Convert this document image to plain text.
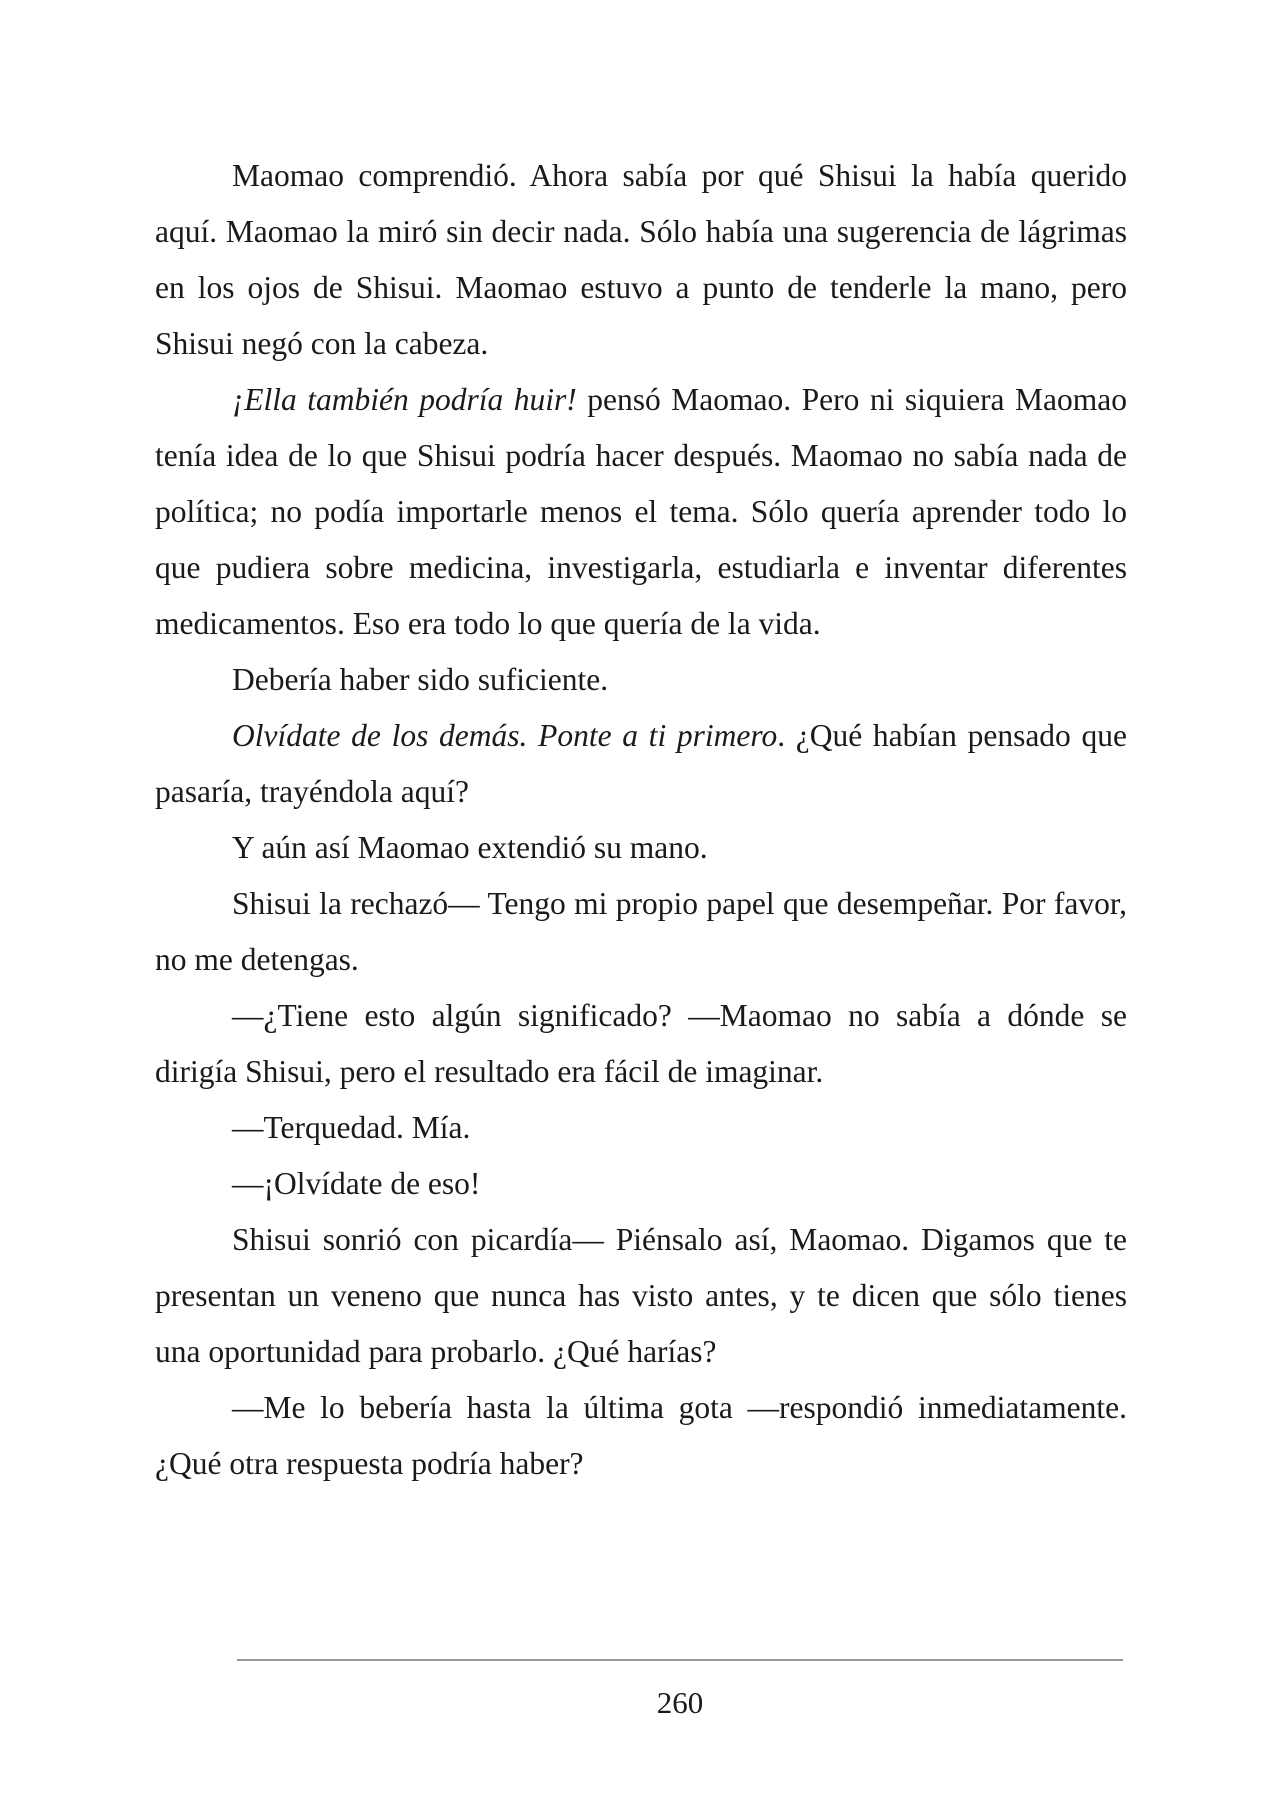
Maomao comprendió. Ahora sabía por qué Shisui la había querido aquí. Maomao la miró sin decir nada. Sólo había una sugerencia de lágrimas en los ojos de Shisui. Maomao estuvo a punto de tenderle la mano, pero Shisui negó con la cabeza.

¡Ella también podría huir! pensó Maomao. Pero ni siquiera Maomao tenía idea de lo que Shisui podría hacer después. Maomao no sabía nada de política; no podía importarle menos el tema. Sólo quería aprender todo lo que pudiera sobre medicina, investigarla, estudiarla e inventar diferentes medicamentos. Eso era todo lo que quería de la vida.

Debería haber sido suficiente.

Olvídate de los demás. Ponte a ti primero. ¿Qué habían pensado que pasaría, trayéndola aquí?

Y aún así Maomao extendió su mano.

Shisui la rechazó— Tengo mi propio papel que desempeñar. Por favor, no me detengas.

—¿Tiene esto algún significado? —Maomao no sabía a dónde se dirigía Shisui, pero el resultado era fácil de imaginar.

—Terquedad. Mía.

—¡Olvídate de eso!

Shisui sonrió con picardía— Piénsalo así, Maomao. Digamos que te presentan un veneno que nunca has visto antes, y te dicen que sólo tienes una oportunidad para probarlo. ¿Qué harías?

—Me lo bebería hasta la última gota —respondió inmediatamente. ¿Qué otra respuesta podría haber?

260
